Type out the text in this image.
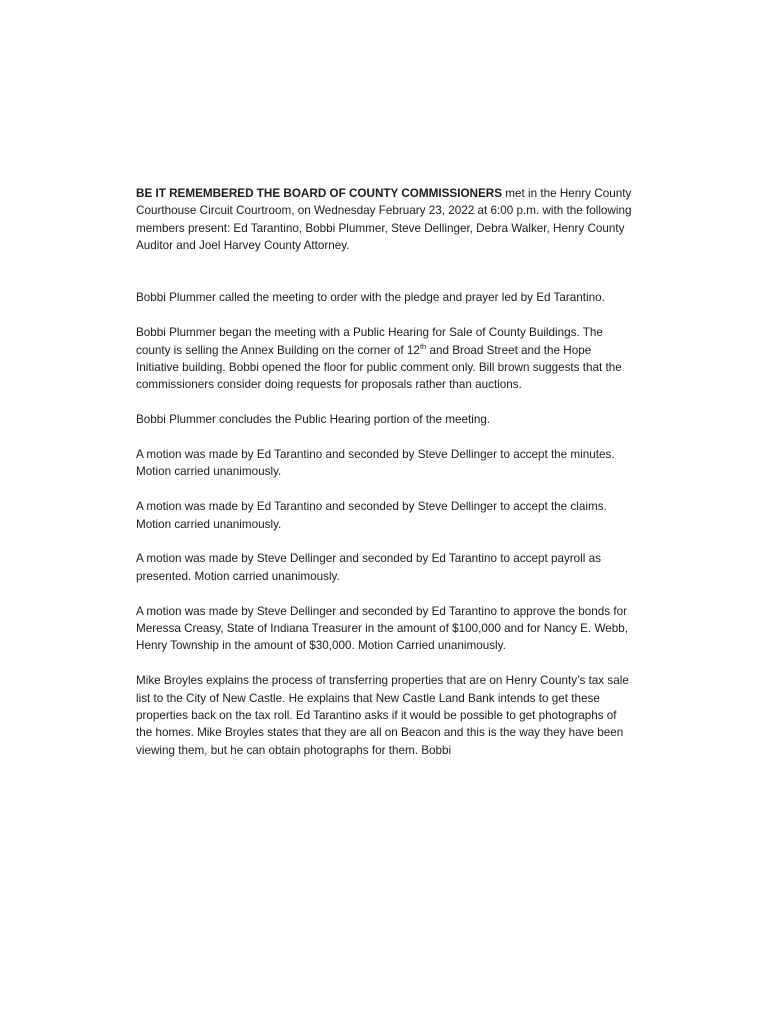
BE IT REMEMBERED THE BOARD OF COUNTY COMMISSIONERS met in the Henry County Courthouse Circuit Courtroom, on Wednesday February 23, 2022 at 6:00 p.m. with the following members present: Ed Tarantino, Bobbi Plummer, Steve Dellinger, Debra Walker, Henry County Auditor and Joel Harvey County Attorney.

Bobbi Plummer called the meeting to order with the pledge and prayer led by Ed Tarantino.

Bobbi Plummer began the meeting with a Public Hearing for Sale of County Buildings. The county is selling the Annex Building on the corner of 12th and Broad Street and the Hope Initiative building. Bobbi opened the floor for public comment only. Bill brown suggests that the commissioners consider doing requests for proposals rather than auctions.

Bobbi Plummer concludes the Public Hearing portion of the meeting.

A motion was made by Ed Tarantino and seconded by Steve Dellinger to accept the minutes. Motion carried unanimously.

A motion was made by Ed Tarantino and seconded by Steve Dellinger to accept the claims. Motion carried unanimously.

A motion was made by Steve Dellinger and seconded by Ed Tarantino to accept payroll as presented. Motion carried unanimously.

A motion was made by Steve Dellinger and seconded by Ed Tarantino to approve the bonds for Meressa Creasy, State of Indiana Treasurer in the amount of $100,000 and for Nancy E. Webb, Henry Township in the amount of $30,000. Motion Carried unanimously.

Mike Broyles explains the process of transferring properties that are on Henry County’s tax sale list to the City of New Castle. He explains that New Castle Land Bank intends to get these properties back on the tax roll. Ed Tarantino asks if it would be possible to get photographs of the homes. Mike Broyles states that they are all on Beacon and this is the way they have been viewing them, but he can obtain photographs for them. Bobbi
